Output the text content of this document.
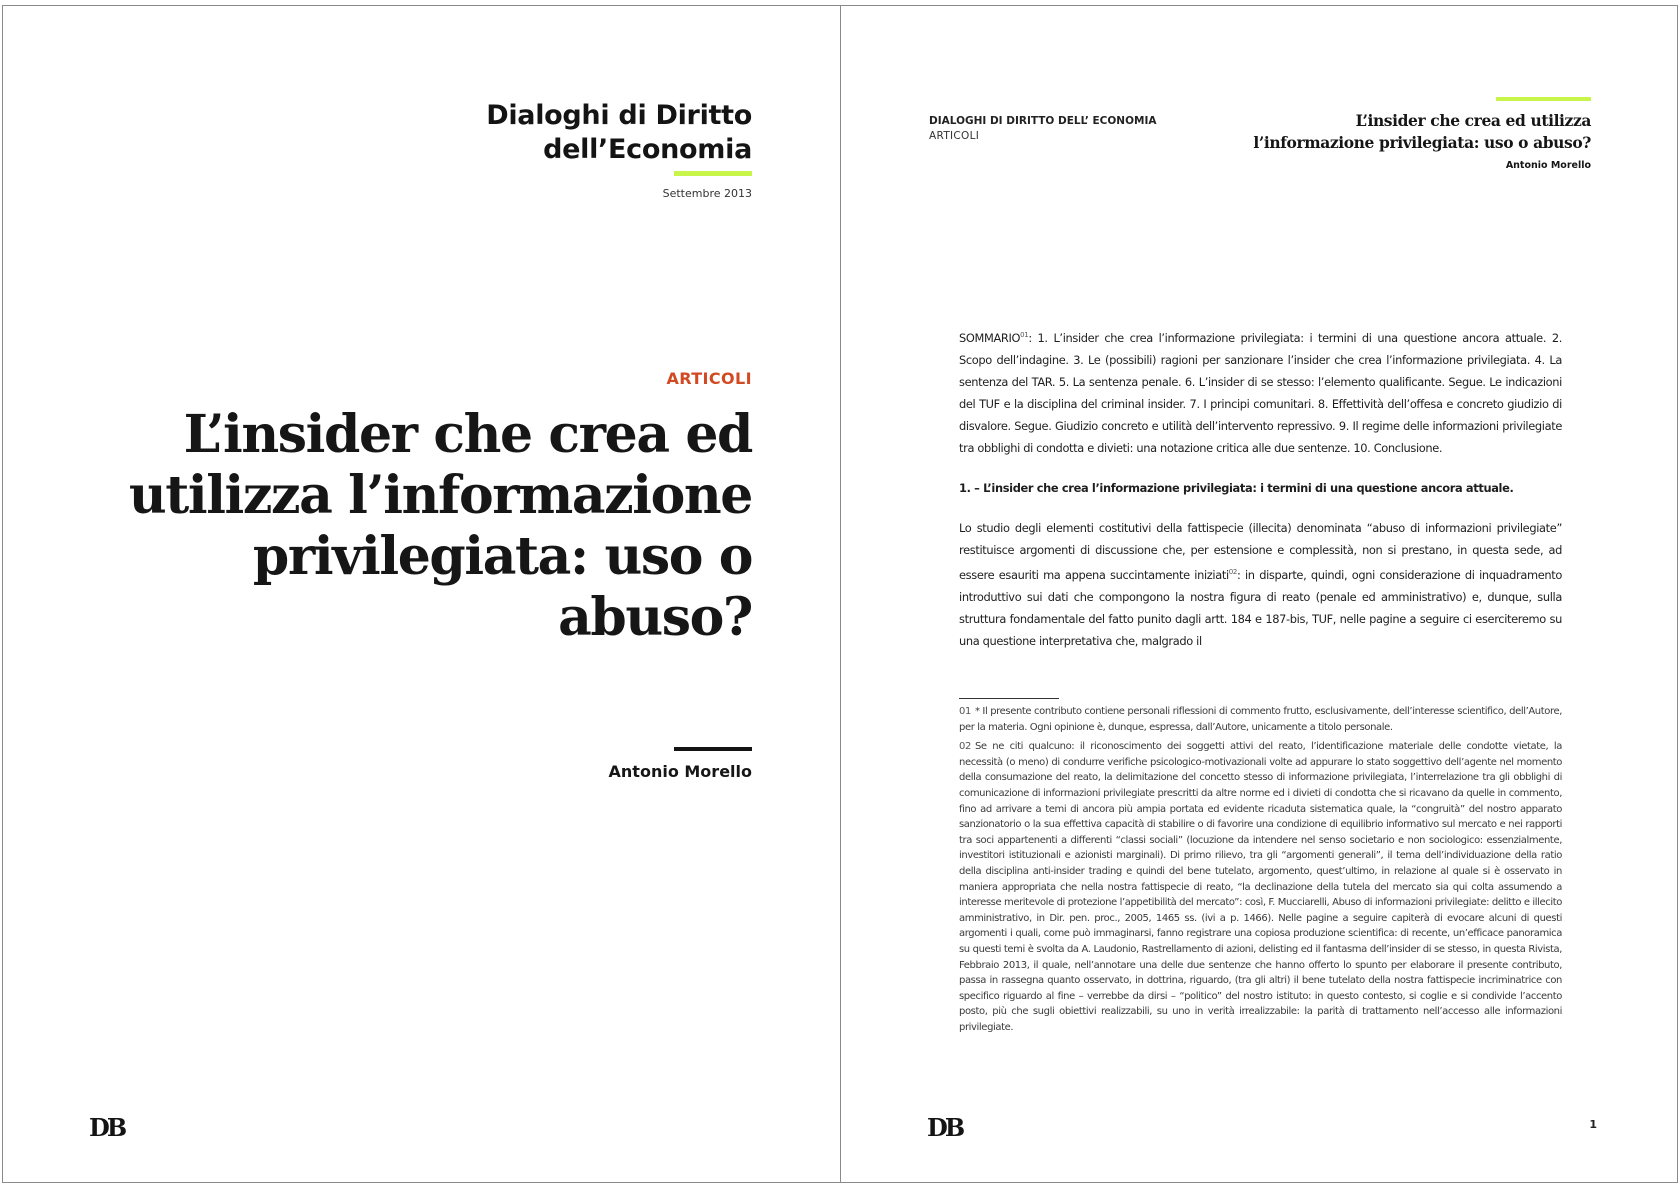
Dialoghi di Diritto
dell’Economia
Settembre 2013
ARTICOLI
L’insider che crea ed utilizza l’informazione privilegiata: uso o abuso?
Antonio Morello
DB
DIALOGHI DI DIRITTO DELL’ ECONOMIA
ARTICOLI
L’insider che crea ed utilizza l’informazione privilegiata: uso o abuso?
Antonio Morello

SOMMARIO$^{01}$: 1. L’insider che crea l’informazione privilegiata: i termini di una questione ancora attuale. 2. Scopo dell’indagine. 3. Le (possibili) ragioni per sanzionare l’insider che crea l’informazione privilegiata. 4. La sentenza del TAR. 5. La sentenza penale. 6. L’insider di se stesso: l’elemento qualificante. Segue. Le indicazioni del TUF e la disciplina del criminal insider. 7. I principi comunitari. 8. Effettività dell’offesa e concreto giudizio di disvalore. Segue. Giudizio concreto e utilità dell’intervento repressivo. 9. Il regime delle informazioni privilegiate tra obblighi di condotta e divieti: una notazione critica alle due sentenze. 10. Conclusione.

1. – L’insider che crea l’informazione privilegiata: i termini di una questione ancora attuale.

Lo studio degli elementi costitutivi della fattispecie (illecita) denominata “abuso di informazioni privilegiate” restituisce argomenti di discussione che, per estensione e complessità, non si prestano, in questa sede, ad essere esauriti ma appena succintamente iniziati$^{02}$: in disparte, quindi, ogni considerazione di inquadramento introduttivo sui dati che compongono la nostra figura di reato (penale ed amministrativo) e, dunque, sulla struttura fondamentale del fatto punito dagli artt. 184 e 187-bis, TUF, nelle pagine a seguire ci eserciteremo su una questione interpretativa che, malgrado il

01 * Il presente contributo contiene personali riflessioni di commento frutto, esclusivamente, dell’interesse scientifico, dell’Autore, per la materia. Ogni opinione è, dunque, espressa, dall’Autore, unicamente a titolo personale.

02 Se ne citi qualcuno: il riconoscimento dei soggetti attivi del reato, l’identificazione materiale delle condotte vietate, la necessità (o meno) di condurre verifiche psicologico-motivazionali volte ad appurare lo stato soggettivo dell’agente nel momento della consumazione del reato, la delimitazione del concetto stesso di informazione privilegiata, l’interrelazione tra gli obblighi di comunicazione di informazioni privilegiate prescritti da altre norme ed i divieti di condotta che si ricavano da quelle in commento, fino ad arrivare a temi di ancora più ampia portata ed evidente ricaduta sistematica quale, la “congruità” del nostro apparato sanzionatorio o la sua effettiva capacità di stabilire o di favorire una condizione di equilibrio informativo sul mercato e nei rapporti tra soci appartenenti a differenti “classi sociali” (locuzione da intendere nel senso societario e non sociologico: essenzialmente, investitori istituzionali e azionisti marginali). Di primo rilievo, tra gli “argomenti generali”, il tema dell’individuazione della ratio della disciplina anti-insider trading e quindi del bene tutelato, argomento, quest’ultimo, in relazione al quale si è osservato in maniera appropriata che nella nostra fattispecie di reato, “la declinazione della tutela del mercato sia qui colta assumendo a interesse meritevole di protezione l’appetibilità del mercato”: così, F. Mucciarelli, Abuso di informazioni privilegiate: delitto e illecito amministrativo, in Dir. pen. proc., 2005, 1465 ss. (ivi a p. 1466). Nelle pagine a seguire capiterà di evocare alcuni di questi argomenti i quali, come può immaginarsi, fanno registrare una copiosa produzione scientifica: di recente, un’efficace panoramica su questi temi è svolta da A. Laudonio, Rastrellamento di azioni, delisting ed il fantasma dell’insider di se stesso, in questa Rivista, Febbraio 2013, il quale, nell’annotare una delle due sentenze che hanno offerto lo spunto per elaborare il presente contributo, passa in rassegna quanto osservato, in dottrina, riguardo, (tra gli altri) il bene tutelato della nostra fattispecie incriminatrice con specifico riguardo al fine – verrebbe da dirsi – “politico” del nostro istituto: in questo contesto, si coglie e si condivide l’accento posto, più che sugli obiettivi realizzabili, su uno in verità irrealizzabile: la parità di trattamento nell’accesso alle informazioni privilegiate.

DB	1
